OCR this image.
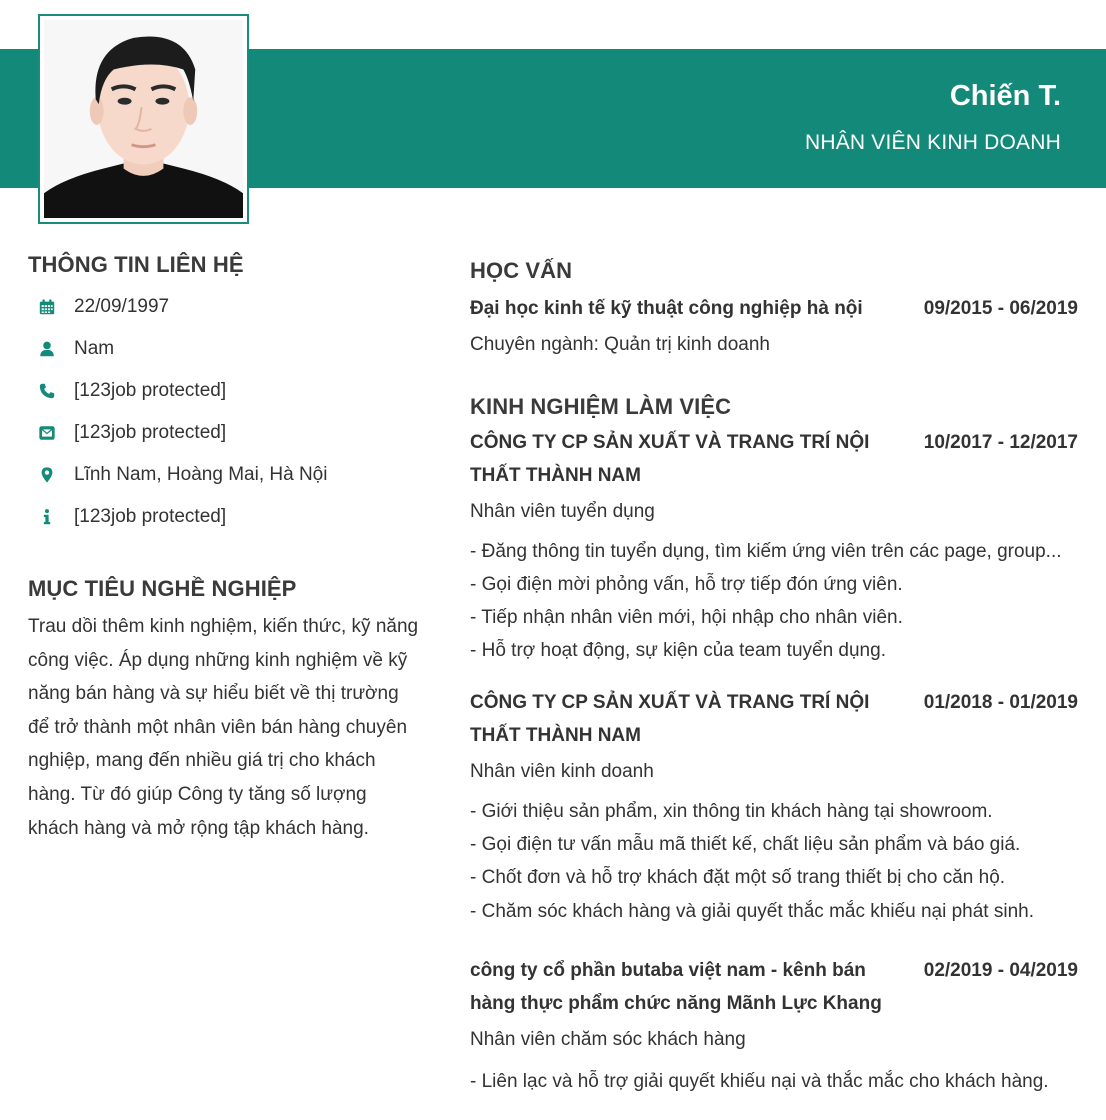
Chiến T.
NHÂN VIÊN KINH DOANH
THÔNG TIN LIÊN HỆ
22/09/1997
Nam
[123job protected]
[123job protected]
Lĩnh Nam, Hoàng Mai, Hà Nội
[123job protected]
MỤC TIÊU NGHỀ NGHIỆP
Trau dồi thêm kinh nghiệm, kiến thức, kỹ năng công việc. Áp dụng những kinh nghiệm về kỹ năng bán hàng và sự hiểu biết về thị trường để trở thành một nhân viên bán hàng chuyên nghiệp, mang đến nhiều giá trị cho khách hàng. Từ đó giúp Công ty tăng số lượng khách hàng và mở rộng tập khách hàng.
HỌC VẤN
Đại học kinh tế kỹ thuật công nghiệp hà nội	09/2015 - 06/2019
Chuyên ngành: Quản trị kinh doanh
KINH NGHIỆM LÀM VIỆC
CÔNG TY CP SẢN XUẤT VÀ TRANG TRÍ NỘI THẤT THÀNH NAM
10/2017 - 12/2017
Nhân viên tuyển dụng
- Đăng thông tin tuyển dụng, tìm kiếm ứng viên trên các page, group...
- Gọi điện mời phỏng vấn, hỗ trợ tiếp đón ứng viên.
- Tiếp nhận nhân viên mới, hội nhập cho nhân viên.
- Hỗ trợ hoạt động, sự kiện của team tuyển dụng.
CÔNG TY CP SẢN XUẤT VÀ TRANG TRÍ NỘI THẤT THÀNH NAM
01/2018 - 01/2019
Nhân viên kinh doanh
- Giới thiệu sản phẩm, xin thông tin khách hàng tại showroom.
- Gọi điện tư vấn mẫu mã thiết kế, chất liệu sản phẩm và báo giá.
- Chốt đơn và hỗ trợ khách đặt một số trang thiết bị cho căn hộ.
- Chăm sóc khách hàng và giải quyết thắc mắc khiếu nại phát sinh.
công ty cổ phần butaba việt nam - kênh bán hàng thực phẩm chức năng Mãnh Lực Khang
02/2019 - 04/2019
Nhân viên chăm sóc khách hàng
- Liên lạc và hỗ trợ giải quyết khiếu nại và thắc mắc cho khách hàng.
